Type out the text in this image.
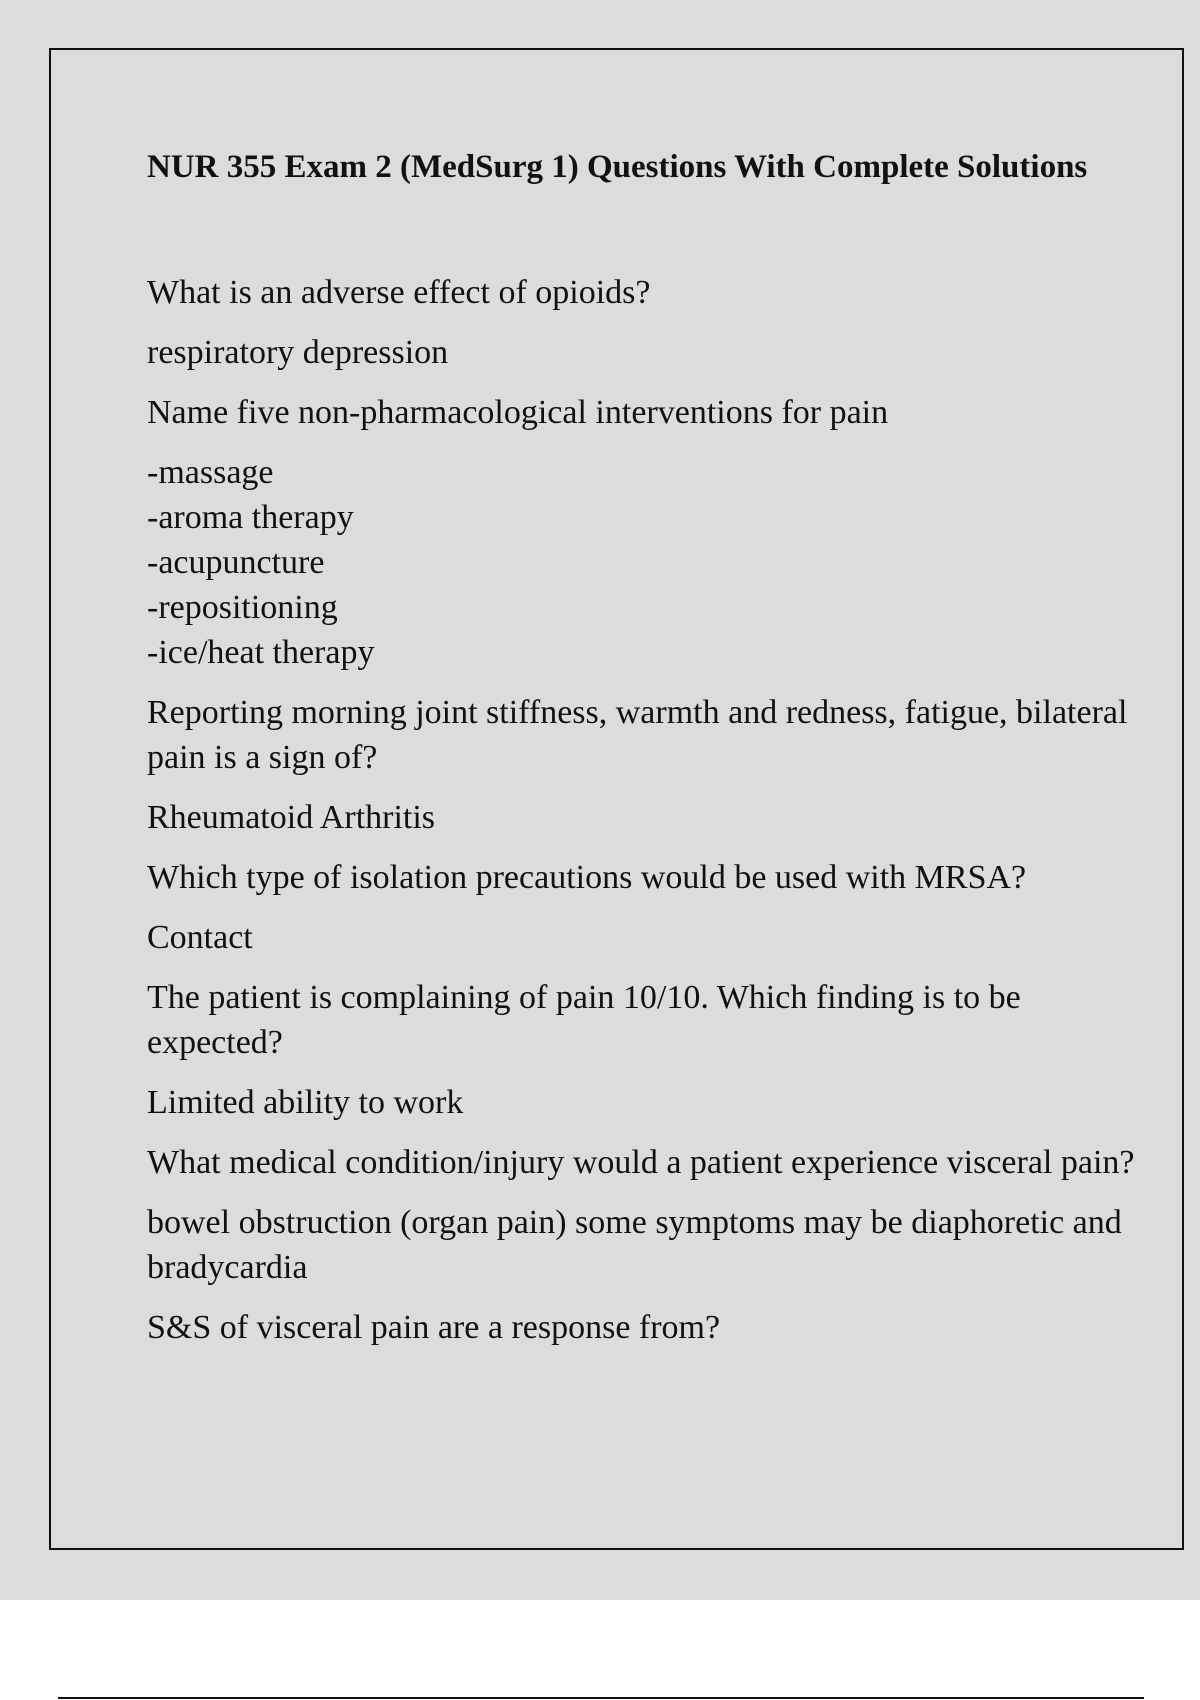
NUR 355 Exam 2 (MedSurg 1) Questions With Complete Solutions

What is an adverse effect of opioids?

respiratory depression

Name five non-pharmacological interventions for pain

-massage
-aroma therapy
-acupuncture
-repositioning
-ice/heat therapy

Reporting morning joint stiffness, warmth and redness, fatigue, bilateral pain is a sign of?

Rheumatoid Arthritis

Which type of isolation precautions would be used with MRSA?

Contact

The patient is complaining of pain 10/10. Which finding is to be expected?

Limited ability to work

What medical condition/injury would a patient experience visceral pain?

bowel obstruction (organ pain) some symptoms may be diaphoretic and bradycardia

S&S of visceral pain are a response from?
